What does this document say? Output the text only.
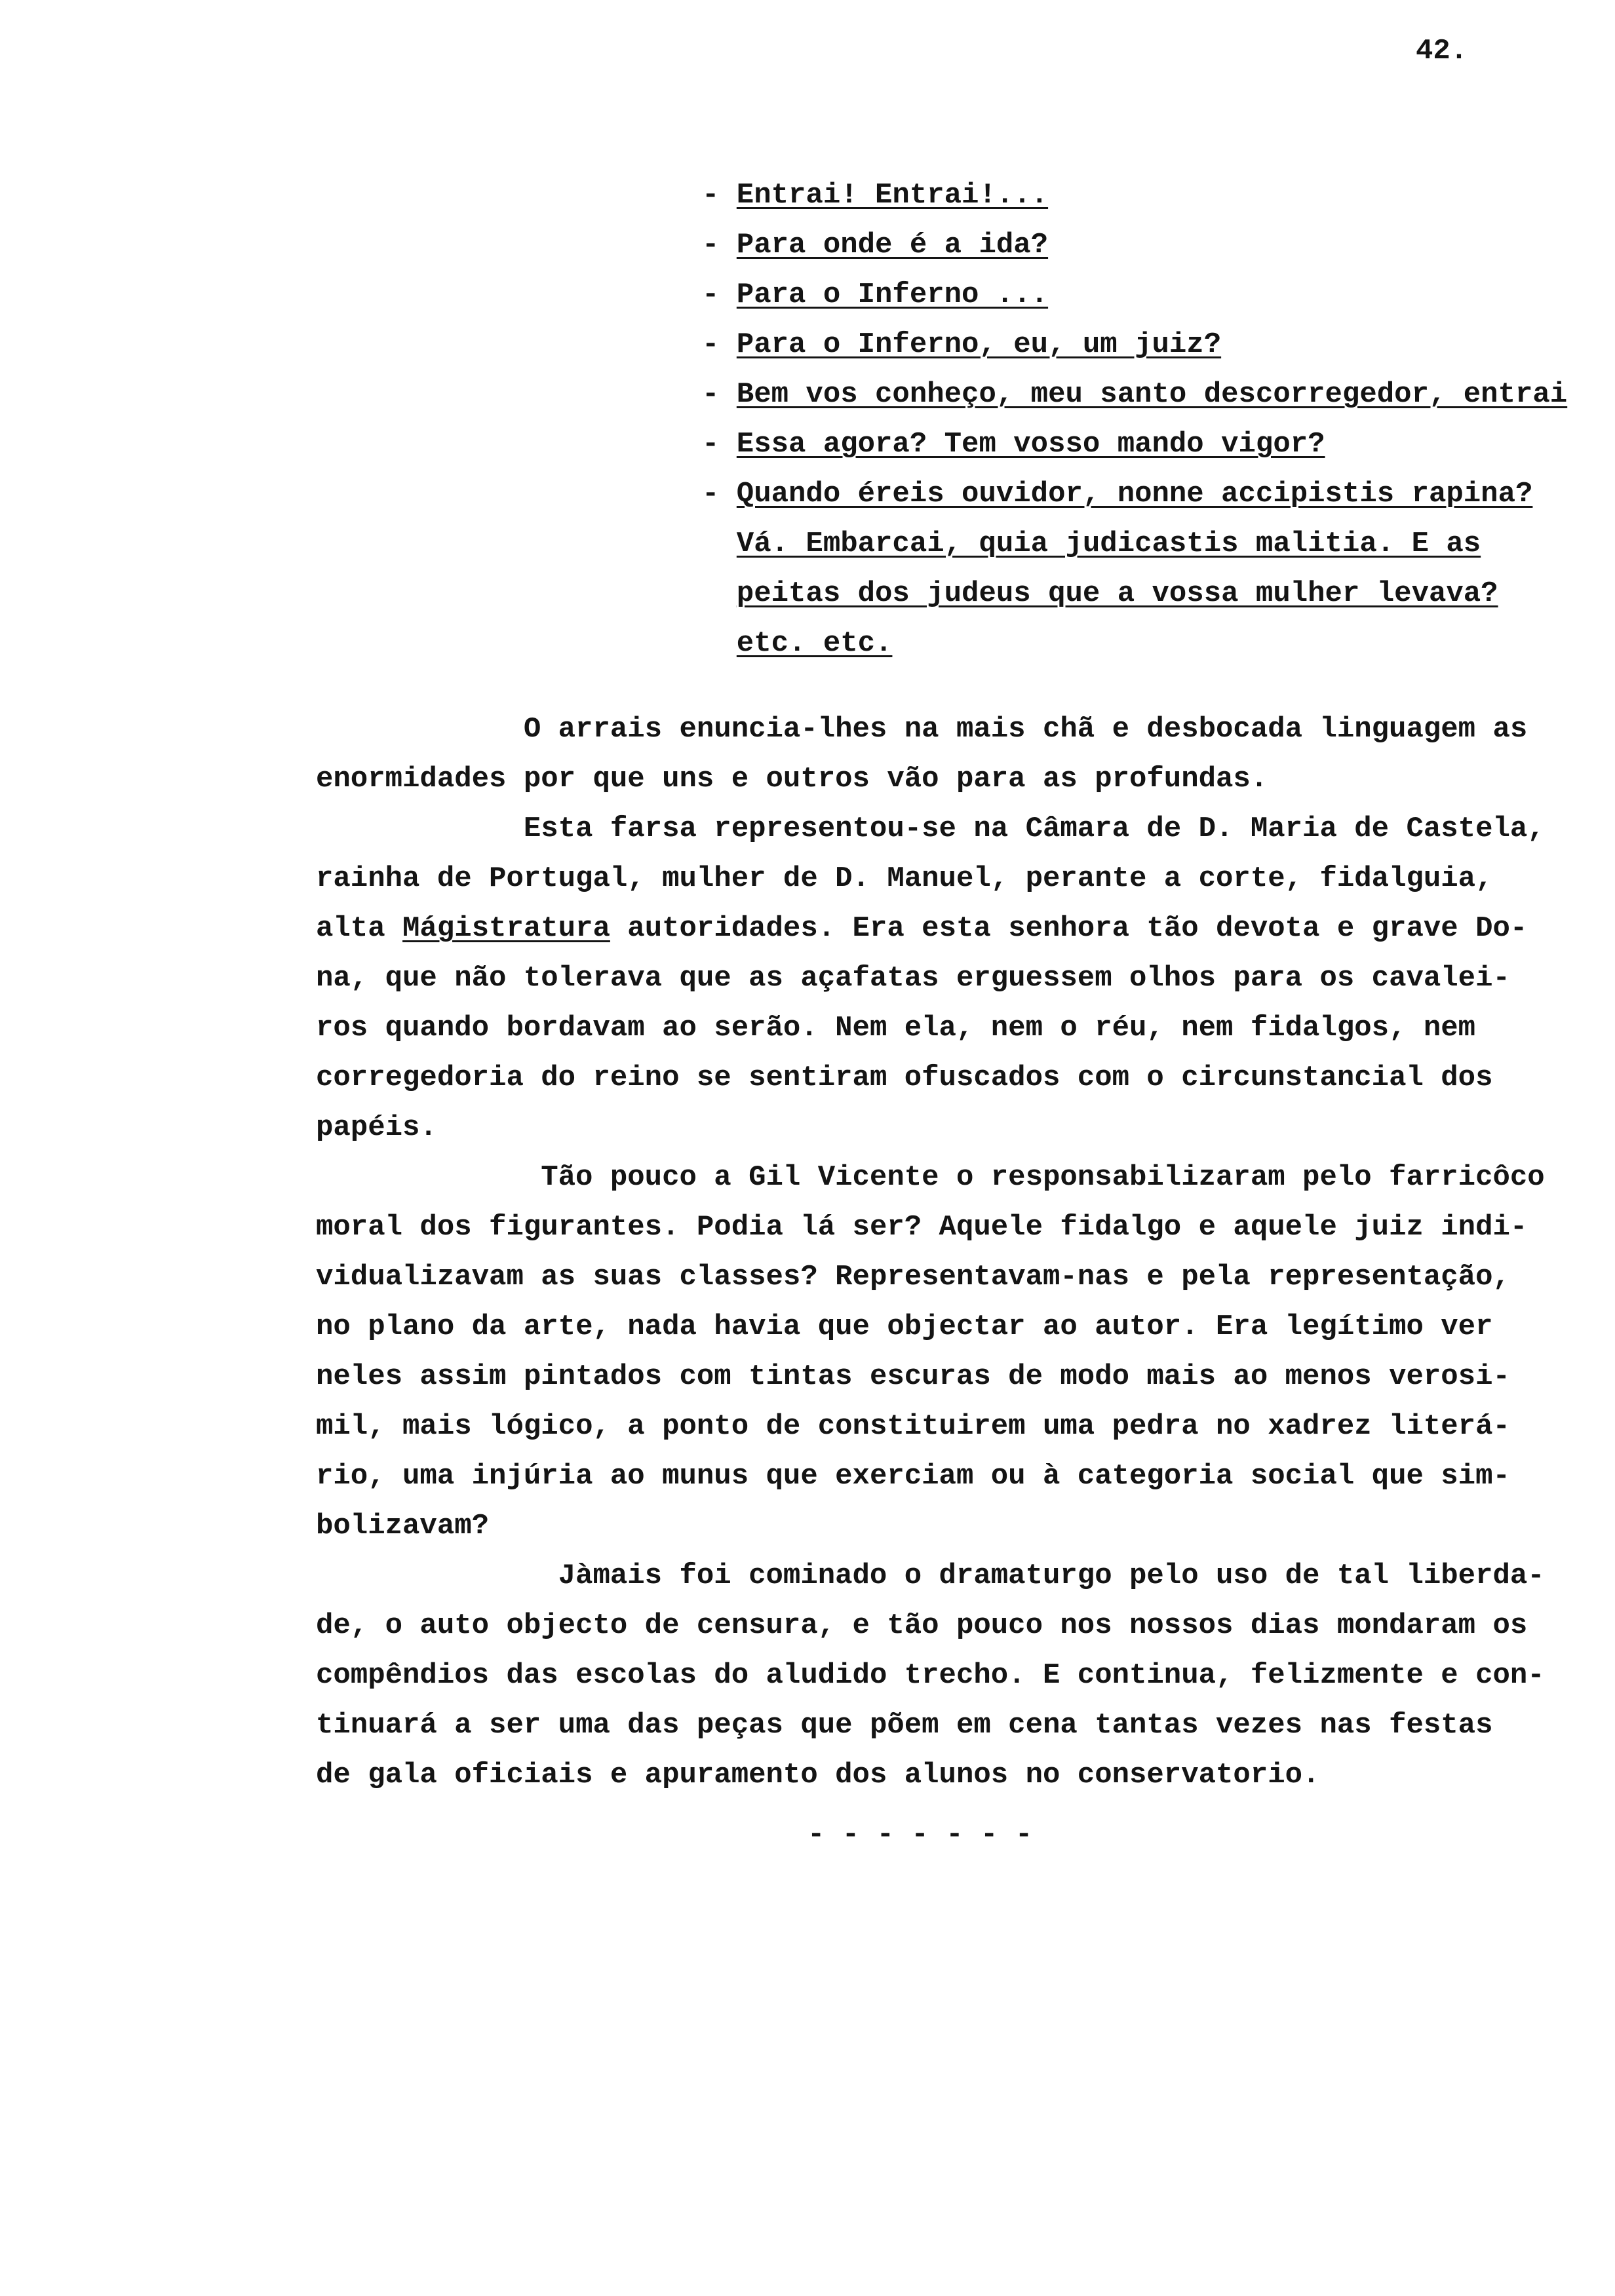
42.
- Entrai! Entrai!...
- Para onde é a ida?
- Para o Inferno ...
- Para o Inferno, eu, um juiz?
- Bem vos conheço, meu santo descorregedor, entrai
- Essa agora? Tem vosso mando vigor?
- Quando éreis ouvidor, nonne accipistis rapina?
Vá. Embarcai, quia judicastis malitia. E as
peitas dos judeus que a vossa mulher levava?
etc. etc.
O arrais enuncia-lhes na mais chã e desbocada linguagem as
enormidades por que uns e outros vão para as profundas.
Esta farsa representou-se na Câmara de D. Maria de Castela,
rainha de Portugal, mulher de D. Manuel, perante a corte, fidalguia,
alta Mágistratura autoridades. Era esta senhora tão devota e grave Do-
na, que não tolerava que as açafatas erguessem olhos para os cavalei-
ros quando bordavam ao serão. Nem ela, nem o réu, nem fidalgos, nem
corregedoria do reino se sentiram ofuscados com o circunstancial dos
papéis.
Tão pouco a Gil Vicente o responsabilizaram pelo farricôco
moral dos figurantes. Podia lá ser? Aquele fidalgo e aquele juiz indi-
vidualizavam as suas classes? Representavam-nas e pela representação,
no plano da arte, nada havia que objectar ao autor. Era legítimo ver
neles assim pintados com tintas escuras de modo mais ao menos verosi-
mil, mais lógico, a ponto de constituirem uma pedra no xadrez literá-
rio, uma injúria ao munus que exerciam ou à categoria social que sim-
bolizavam?
Jàmais foi cominado o dramaturgo pelo uso de tal liberda-
de, o auto objecto de censura, e tão pouco nos nossos dias mondaram os
compêndios das escolas do aludido trecho. E continua, felizmente e con-
tinuará a ser uma das peças que põem em cena tantas vezes nas festas
de gala oficiais e apuramento dos alunos no conservatorio.
- - - - - - -
